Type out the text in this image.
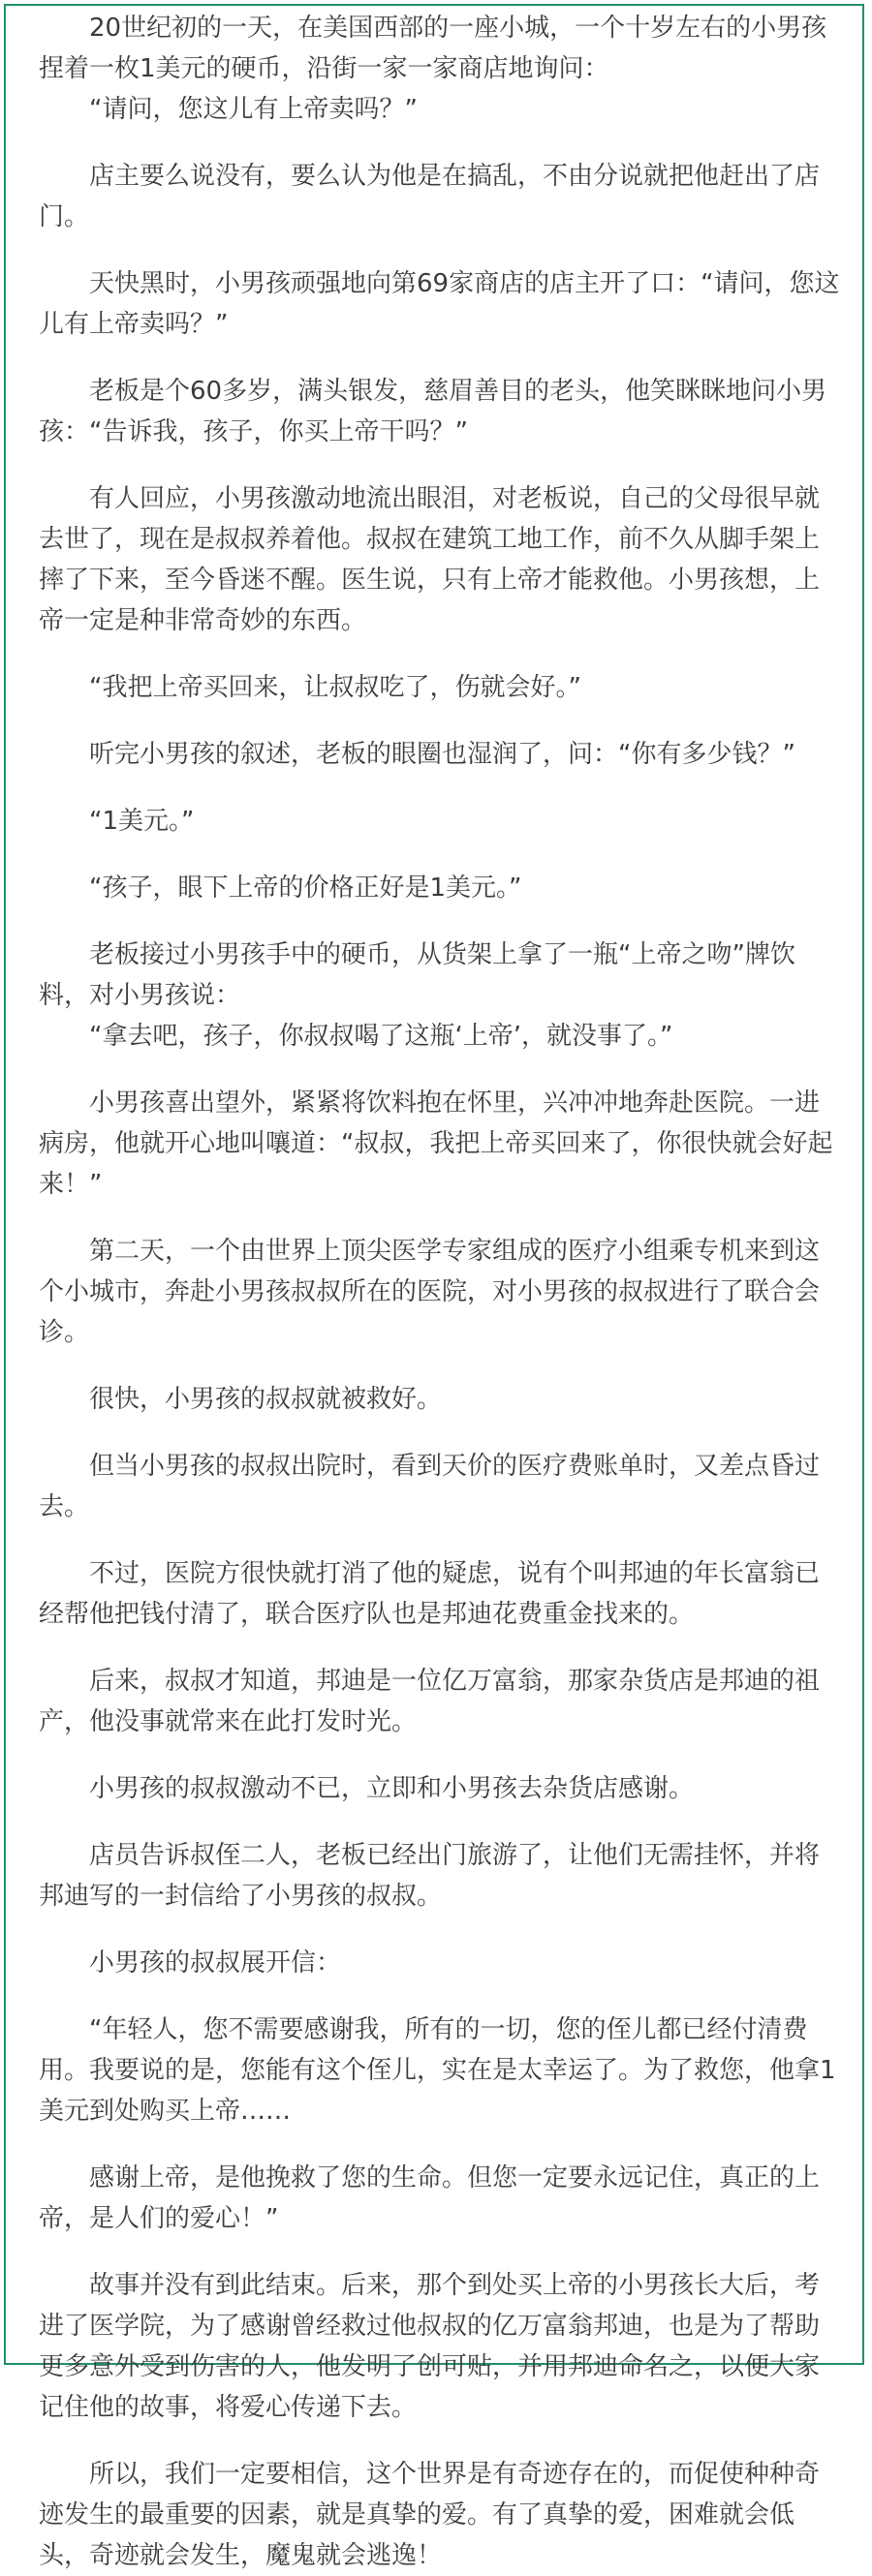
20世纪初的一天，在美国西部的一座小城，一个十岁左右的小男孩捏着一枚1美元的硬币，沿街一家一家商店地询问：

“请问，您这儿有上帝卖吗？”

店主要么说没有，要么认为他是在搞乱，不由分说就把他赶出了店门。

天快黑时，小男孩顽强地向第69家商店的店主开了口：“请问，您这儿有上帝卖吗？”

老板是个60多岁，满头银发，慈眉善目的老头，他笑眯眯地问小男孩：“告诉我，孩子，你买上帝干吗？”

有人回应，小男孩激动地流出眼泪，对老板说，自己的父母很早就去世了，现在是叔叔养着他。叔叔在建筑工地工作，前不久从脚手架上摔了下来，至今昏迷不醒。医生说，只有上帝才能救他。小男孩想，上帝一定是种非常奇妙的东西。

“我把上帝买回来，让叔叔吃了，伤就会好。”

听完小男孩的叙述，老板的眼圈也湿润了，问：“你有多少钱？”

“1美元。”

“孩子，眼下上帝的价格正好是1美元。”

老板接过小男孩手中的硬币，从货架上拿了一瓶“上帝之吻”牌饮料，对小男孩说：

“拿去吧，孩子，你叔叔喝了这瓶‘上帝’，就没事了。”

小男孩喜出望外，紧紧将饮料抱在怀里，兴冲冲地奔赴医院。一进病房，他就开心地叫嚷道：“叔叔，我把上帝买回来了，你很快就会好起来！”

第二天，一个由世界上顶尖医学专家组成的医疗小组乘专机来到这个小城市，奔赴小男孩叔叔所在的医院，对小男孩的叔叔进行了联合会诊。

很快，小男孩的叔叔就被救好。

但当小男孩的叔叔出院时，看到天价的医疗费账单时，又差点昏过去。

不过，医院方很快就打消了他的疑虑，说有个叫邦迪的年长富翁已经帮他把钱付清了，联合医疗队也是邦迪花费重金找来的。

后来，叔叔才知道，邦迪是一位亿万富翁，那家杂货店是邦迪的祖产，他没事就常来在此打发时光。

小男孩的叔叔激动不已，立即和小男孩去杂货店感谢。

店员告诉叔侄二人，老板已经出门旅游了，让他们无需挂怀，并将邦迪写的一封信给了小男孩的叔叔。

小男孩的叔叔展开信：

“年轻人，您不需要感谢我，所有的一切，您的侄儿都已经付清费用。我要说的是，您能有这个侄儿，实在是太幸运了。为了救您，他拿1美元到处购买上帝……

感谢上帝，是他挽救了您的生命。但您一定要永远记住，真正的上帝，是人们的爱心！”

故事并没有到此结束。后来，那个到处买上帝的小男孩长大后，考进了医学院，为了感谢曾经救过他叔叔的亿万富翁邦迪，也是为了帮助更多意外受到伤害的人，他发明了创可贴，并用邦迪命名之，以便大家记住他的故事，将爱心传递下去。

所以，我们一定要相信，这个世界是有奇迹存在的，而促使种种奇迹发生的最重要的因素，就是真挚的爱。有了真挚的爱，困难就会低头，奇迹就会发生，魔鬼就会逃逸！
